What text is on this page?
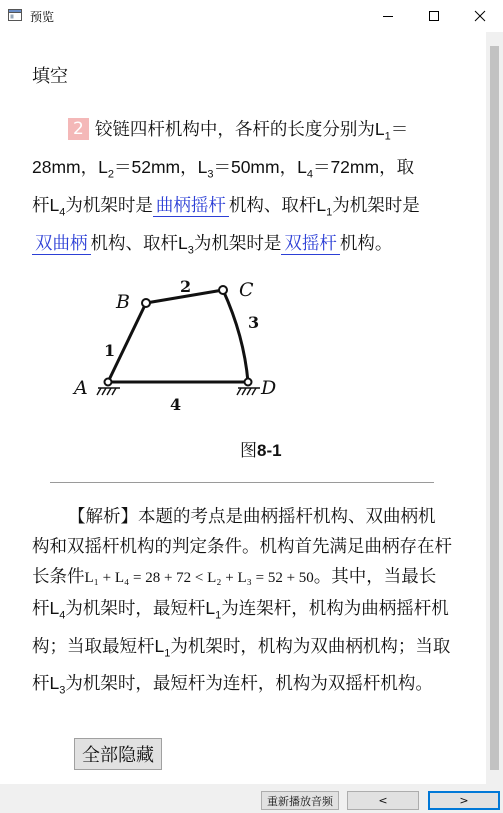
预览
填空
2 铰链四杆机构中，各杆的长度分别为$L_1=28mm$，$L_2=52mm$，$L_3=50mm$，$L_4=72mm$，取杆$L_4$为机架时是 曲柄摇杆 机构、取杆$L_1$为机架时是双曲柄 机构、取杆$L_3$为机架时是 双摇杆 机构。
B
C
A	D
1
2
3
4
图8-1
【解析】本题的考点是曲柄摇杆机构、双曲柄机构和双摇杆机构的判定条件。机构首先满足曲柄存在杆长条件L₁ + L₄ = 28 + 72 < L₂ + L₃ = 52 + 50。其中，当最长杆$L_4$为机架时，最短杆$L_1$为连架杆，机构为曲柄摇杆机构；当取最短杆$L_1$为机架时，机构为双曲柄机构；当取杆$L_3$为机架时，最短杆为连杆，机构为双摇杆机构。
全部隐藏
重新播放音频	<	>
